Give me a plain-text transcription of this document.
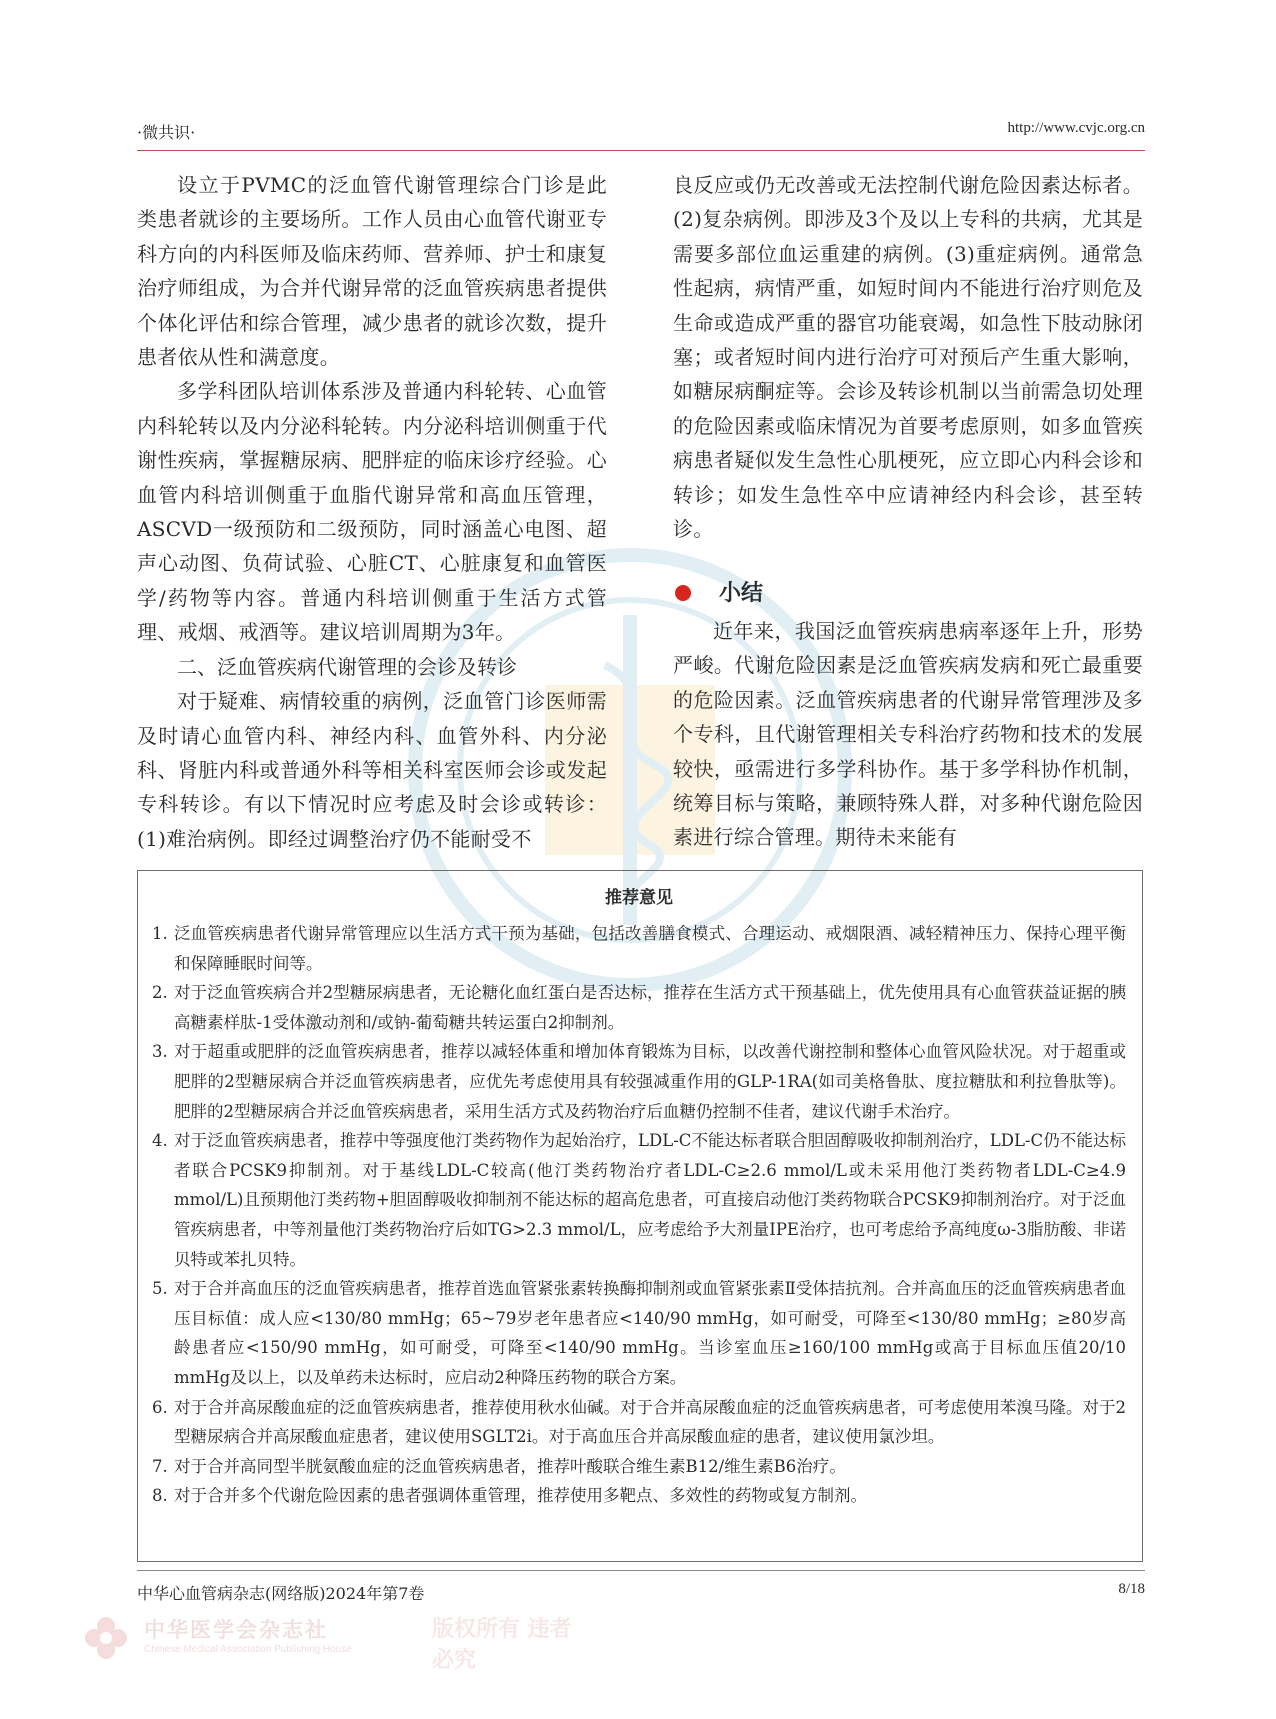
·微共识·	http://www.cvjc.org.cn

设立于PVMC的泛血管代谢管理综合门诊是此类患者就诊的主要场所。工作人员由心血管代谢亚专科方向的内科医师及临床药师、营养师、护士和康复治疗师组成，为合并代谢异常的泛血管疾病患者提供个体化评估和综合管理，减少患者的就诊次数，提升患者依从性和满意度。

多学科团队培训体系涉及普通内科轮转、心血管内科轮转以及内分泌科轮转。内分泌科培训侧重于代谢性疾病，掌握糖尿病、肥胖症的临床诊疗经验。心血管内科培训侧重于血脂代谢异常和高血压管理，ASCVD一级预防和二级预防，同时涵盖心电图、超声心动图、负荷试验、心脏CT、心脏康复和血管医学/药物等内容。普通内科培训侧重于生活方式管理、戒烟、戒酒等。建议培训周期为3年。

二、泛血管疾病代谢管理的会诊及转诊

对于疑难、病情较重的病例，泛血管门诊医师需及时请心血管内科、神经内科、血管外科、内分泌科、肾脏内科或普通外科等相关科室医师会诊或发起专科转诊。有以下情况时应考虑及时会诊或转诊：(1)难治病例。即经过调整治疗仍不能耐受不

良反应或仍无改善或无法控制代谢危险因素达标者。(2)复杂病例。即涉及3个及以上专科的共病，尤其是需要多部位血运重建的病例。(3)重症病例。通常急性起病，病情严重，如短时间内不能进行治疗则危及生命或造成严重的器官功能衰竭，如急性下肢动脉闭塞；或者短时间内进行治疗可对预后产生重大影响，如糖尿病酮症等。会诊及转诊机制以当前需急切处理的危险因素或临床情况为首要考虑原则，如多血管疾病患者疑似发生急性心肌梗死，应立即心内科会诊和转诊；如发生急性卒中应请神经内科会诊，甚至转诊。

小结

近年来，我国泛血管疾病患病率逐年上升，形势严峻。代谢危险因素是泛血管疾病发病和死亡最重要的危险因素。泛血管疾病患者的代谢异常管理涉及多个专科，且代谢管理相关专科治疗药物和技术的发展较快，亟需进行多学科协作。基于多学科协作机制，统筹目标与策略，兼顾特殊人群，对多种代谢危险因素进行综合管理。期待未来能有

推荐意见
1. 泛血管疾病患者代谢异常管理应以生活方式干预为基础，包括改善膳食模式、合理运动、戒烟限酒、减轻精神压力、保持心理平衡和保障睡眠时间等。
2. 对于泛血管疾病合并2型糖尿病患者，无论糖化血红蛋白是否达标，推荐在生活方式干预基础上，优先使用具有心血管获益证据的胰高糖素样肽-1受体激动剂和/或钠-葡萄糖共转运蛋白2抑制剂。
3. 对于超重或肥胖的泛血管疾病患者，推荐以减轻体重和增加体育锻炼为目标，以改善代谢控制和整体心血管风险状况。对于超重或肥胖的2型糖尿病合并泛血管疾病患者，应优先考虑使用具有较强减重作用的GLP-1RA(如司美格鲁肽、度拉糖肽和利拉鲁肽等)。肥胖的2型糖尿病合并泛血管疾病患者，采用生活方式及药物治疗后血糖仍控制不佳者，建议代谢手术治疗。
4. 对于泛血管疾病患者，推荐中等强度他汀类药物作为起始治疗，LDL-C不能达标者联合胆固醇吸收抑制剂治疗，LDL-C仍不能达标者联合PCSK9抑制剂。对于基线LDL-C较高(他汀类药物治疗者LDL-C≥2.6 mmol/L或未采用他汀类药物者LDL-C≥4.9 mmol/L)且预期他汀类药物+胆固醇吸收抑制剂不能达标的超高危患者，可直接启动他汀类药物联合PCSK9抑制剂治疗。对于泛血管疾病患者，中等剂量他汀类药物治疗后如TG>2.3 mmol/L，应考虑给予大剂量IPE治疗，也可考虑给予高纯度ω-3脂肪酸、非诺贝特或苯扎贝特。
5. 对于合并高血压的泛血管疾病患者，推荐首选血管紧张素转换酶抑制剂或血管紧张素Ⅱ受体拮抗剂。合并高血压的泛血管疾病患者血压目标值：成人应<130/80 mmHg；65~79岁老年患者应<140/90 mmHg，如可耐受，可降至<130/80 mmHg；≥80岁高龄患者应<150/90 mmHg，如可耐受，可降至<140/90 mmHg。当诊室血压≥160/100 mmHg或高于目标血压值20/10 mmHg及以上，以及单药未达标时，应启动2种降压药物的联合方案。
6. 对于合并高尿酸血症的泛血管疾病患者，推荐使用秋水仙碱。对于合并高尿酸血症的泛血管疾病患者，可考虑使用苯溴马隆。对于2型糖尿病合并高尿酸血症患者，建议使用SGLT2i。对于高血压合并高尿酸血症的患者，建议使用氯沙坦。
7. 对于合并高同型半胱氨酸血症的泛血管疾病患者，推荐叶酸联合维生素B12/维生素B6治疗。
8. 对于合并多个代谢危险因素的患者强调体重管理，推荐使用多靶点、多效性的药物或复方制剂。
中华心血管病杂志(网络版)2024年第7卷	8/18
中华医学会杂志社
Chinese Medical Association Publishing House
版权所有 违者必究
